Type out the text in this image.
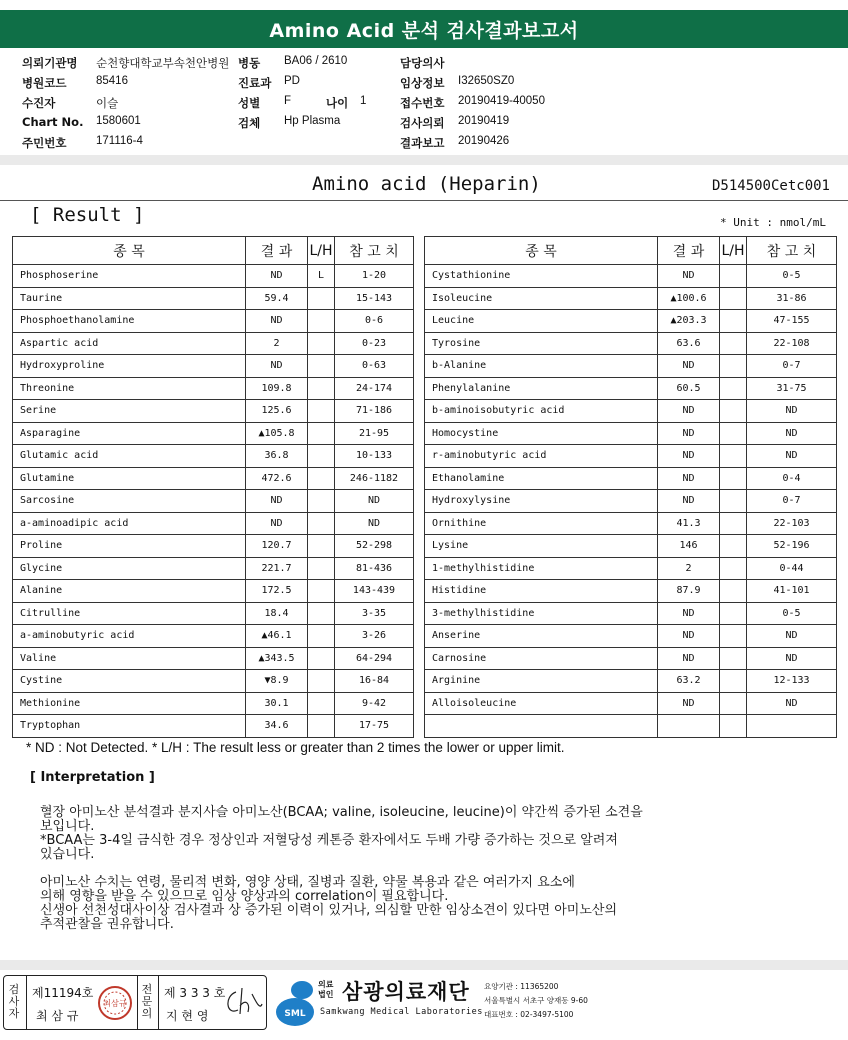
Amino Acid 분석 검사결과보고서
의뢰기관명 순천향대학교부속천안병원
병원코드	85416
수진자	이슬
Chart No. 1580601
주민번호	171116-4
병동 BA06 / 2610
진료과 PD
성별 F	나이 1
검체 Hp Plasma
담당의사
임상정보 I32650SZ0
접수번호 20190419-40050
검사의뢰 20190419
결과보고 20190426
Amino acid (Heparin)	D514500Cetc001
[ Result ]	* Unit : nmol/mL
종 목	결 과	L/H	참 고 치
Phosphoserine	ND	L	1-20
Taurine	59.4		15-143
Phosphoethanolamine	ND		0-6
Aspartic acid	2		0-23
Hydroxyproline	ND		0-63
Threonine	109.8		24-174
Serine	125.6		71-186
Asparagine	▲105.8		21-95
Glutamic acid	36.8		10-133
Glutamine	472.6		246-1182
Sarcosine	ND		ND
a-aminoadipic acid	ND		ND
Proline	120.7		52-298
Glycine	221.7		81-436
Alanine	172.5		143-439
Citrulline	18.4		3-35
a-aminobutyric acid	▲46.1		3-26
Valine	▲343.5		64-294
Cystine	▼8.9		16-84
Methionine	30.1		9-42
Tryptophan	34.6		17-75
종 목	결 과	L/H	참 고 치
Cystathionine	ND		0-5
Isoleucine	▲100.6		31-86
Leucine	▲203.3		47-155
Tyrosine	63.6		22-108
b-Alanine	ND		0-7
Phenylalanine	60.5		31-75
b-aminoisobutyric acid	ND		ND
Homocystine	ND		ND
r-aminobutyric acid	ND		ND
Ethanolamine	ND		0-4
Hydroxylysine	ND		0-7
Ornithine	41.3		22-103
Lysine	146		52-196
1-methylhistidine	2		0-44
Histidine	87.9		41-101
3-methylhistidine	ND		0-5
Anserine	ND		ND
Carnosine	ND		ND
Arginine	63.2		12-133
Alloisoleucine	ND		ND

* ND : Not Detected. * L/H : The result less or greater than 2 times the lower or upper limit.
[ Interpretation ]

혈장 아미노산 분석결과 분지사슬 아미노산(BCAA; valine, isoleucine, leucine)이 약간씩 증가된 소견을

보입니다.

*BCAA는 3-4일 금식한 경우 정상인과 저혈당성 케톤증 환자에서도 두배 가량 증가하는 것으로 알려져

있습니다.

아미노산 수치는 연령, 물리적 변화, 영양 상태, 질병과 질환, 약물 복용과 같은 여러가지 요소에

의해 영향을 받을 수 있으므로 임상 양상과의 correlation이 필요합니다.

신생아 선천성대사이상 검사결과 상 증가된 이력이 있거나, 의심할 만한 임상소견이 있다면 아미노산의

추적관찰을 권유합니다.

검사자
제11194호
최 삼 규
최삼규
전문의
제 3 3 3 호
지 현 영	SML
의료
법인 삼광의료재단
Samkwang Medical Laboratories
요양기관 : 11365200
서울특별시 서초구 양재동 9-60
대표번호 : 02-3497-5100
